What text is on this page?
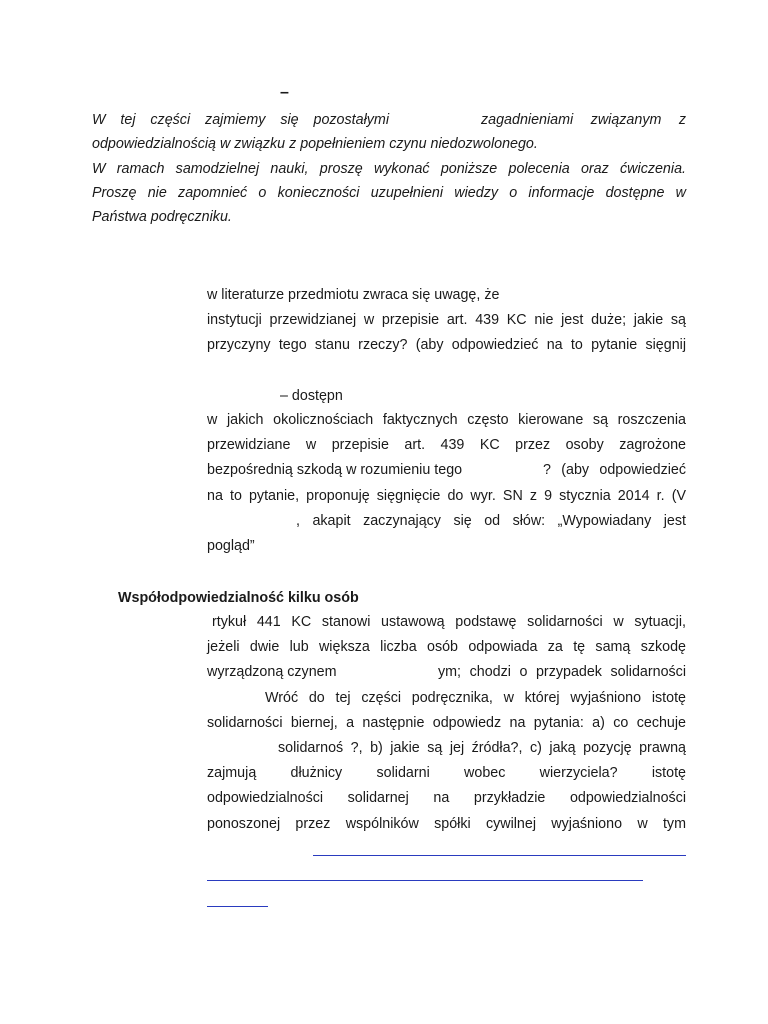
–

W tej części zajmiemy się pozostałymi	zagadnieniami związanym z

odpowiedzialnością w związku z popełnieniem czynu niedozwolonego.

W ramach samodzielnej nauki, proszę wykonać poniższe polecenia oraz ćwiczenia.

Proszę nie zapomnieć o konieczności uzupełnieni wiedzy o informacje dostępne w

Państwa podręczniku.

w literaturze przedmiotu zwraca się uwagę, że

instytucji przewidzianej w przepisie art. 439 KC nie jest duże; jakie są

przyczyny tego stanu rzeczy? (aby odpowiedzieć na to pytanie sięgnij

– dostępn

w jakich okolicznościach faktycznych często kierowane są roszczenia

przewidziane w przepisie art. 439 KC przez osoby zagrożone

bezpośrednią szkodą w rozumieniu tego	? (aby odpowiedzieć

na to pytanie, proponuję sięgnięcie do wyr. SN z 9 stycznia 2014 r. (V

, akapit zaczynający się od słów: „Wypowiadany jest

pogląd”

Współodpowiedzialność kilku osób

rtykuł 441 KC stanowi ustawową podstawę solidarności w sytuacji,

jeżeli dwie lub większa liczba osób odpowiada za tę samą szkodę

wyrządzoną czynem	ym; chodzi o przypadek solidarności

Wróć do tej części podręcznika, w której wyjaśniono istotę

solidarności biernej, a następnie odpowiedz na pytania: a) co cechuje

solidarnoś ?, b) jakie są jej źródła?, c) jaką pozycję prawną

zajmują dłużnicy solidarni wobec wierzyciela? istotę

odpowiedzialności solidarnej na przykładzie odpowiedzialności

ponoszonej przez wspólników spółki cywilnej wyjaśniono w tym
